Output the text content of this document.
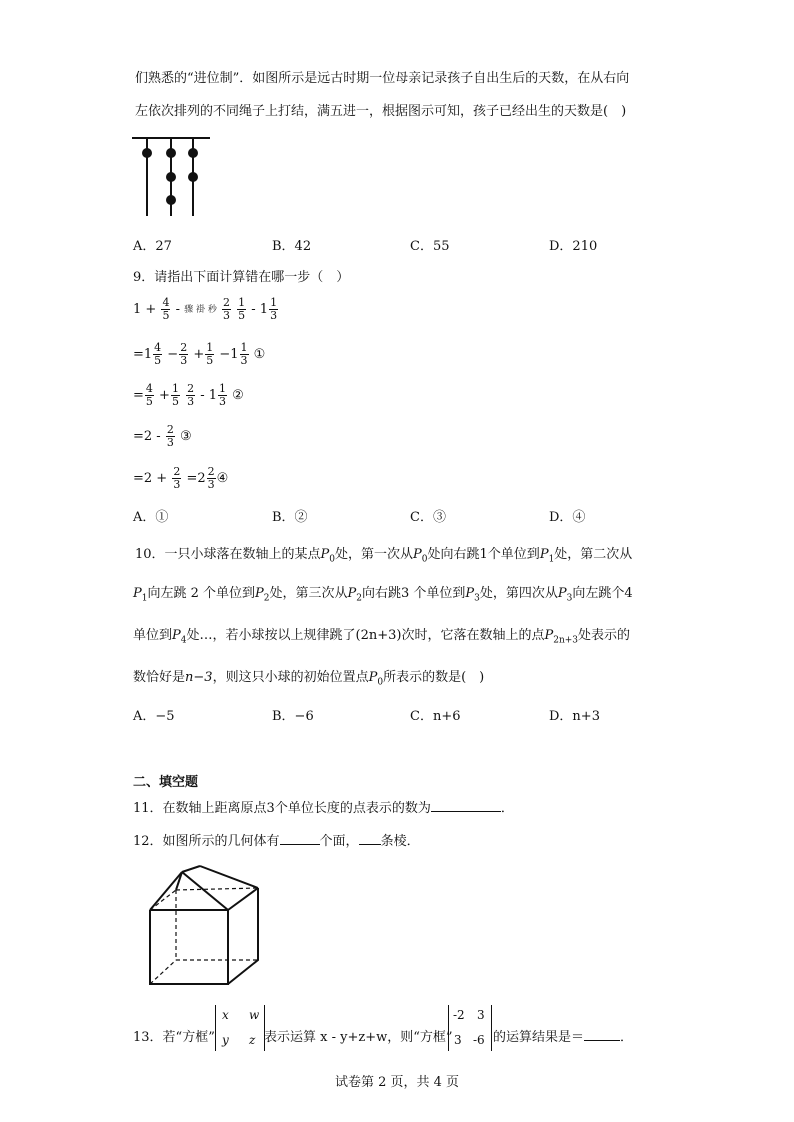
们熟悉的“进位制”．如图所示是远古时期一位母亲记录孩子自出生后的天数，在从右向
左依次排列的不同绳子上打结，满五进一，根据图示可知，孩子已经出生的天数是(　)
A．27	B．42	C．55	D．210
9．请指出下面计算错在哪一步（　）
$1 + \frac{4}{5}$ - 骤 褂 秒 $\frac{2}{3}$
$\frac{1}{5} - 1 \frac{1}{3}$
$=1 \frac{4}{5} - \frac{2}{3} + \frac{1}{5} -1 \frac{1}{3}$ ①
= $\frac{4}{5} + \frac{1}{5}$
$\frac{2}{3} - 1 \frac{1}{3}$ ②
$=2 - \frac{2}{3}$ ③
$=2 + \frac{2}{3} =2 \frac{2}{3}$ ④
A．①	B．②	C．③	D．④
10．一只小球落在数轴上的某点$P_0$处，第一次从$P_0$处向右跳1个单位到$P_1$处，第二次从
$P_1$向左跳 2 个单位到$P_2$处，第三次从$P_2$向右跳3 个单位到$P_3$处，第四次从$P_3$向左跳个4
单位到$P_4$处…，若小球按以上规律跳了(2n+3)次时，它落在数轴上的点$P_{2n+3}$处表示的
数恰好是n−3，则这只小球的初始位置点$P_0$所表示的数是(　)
A．−5	B．−6	C．n+6	D．n+3
二、填空题
11．在数轴上距离原点3个单位长度的点表示的数为	．
12．如图所示的几何体有	个面， 条棱．
13．若“方框”
x w
y z 表示运算 x - y+z+w，则“方框”
-2 3
3 -6 的运算结果是＝	．
试卷第 2 页，共 4 页
